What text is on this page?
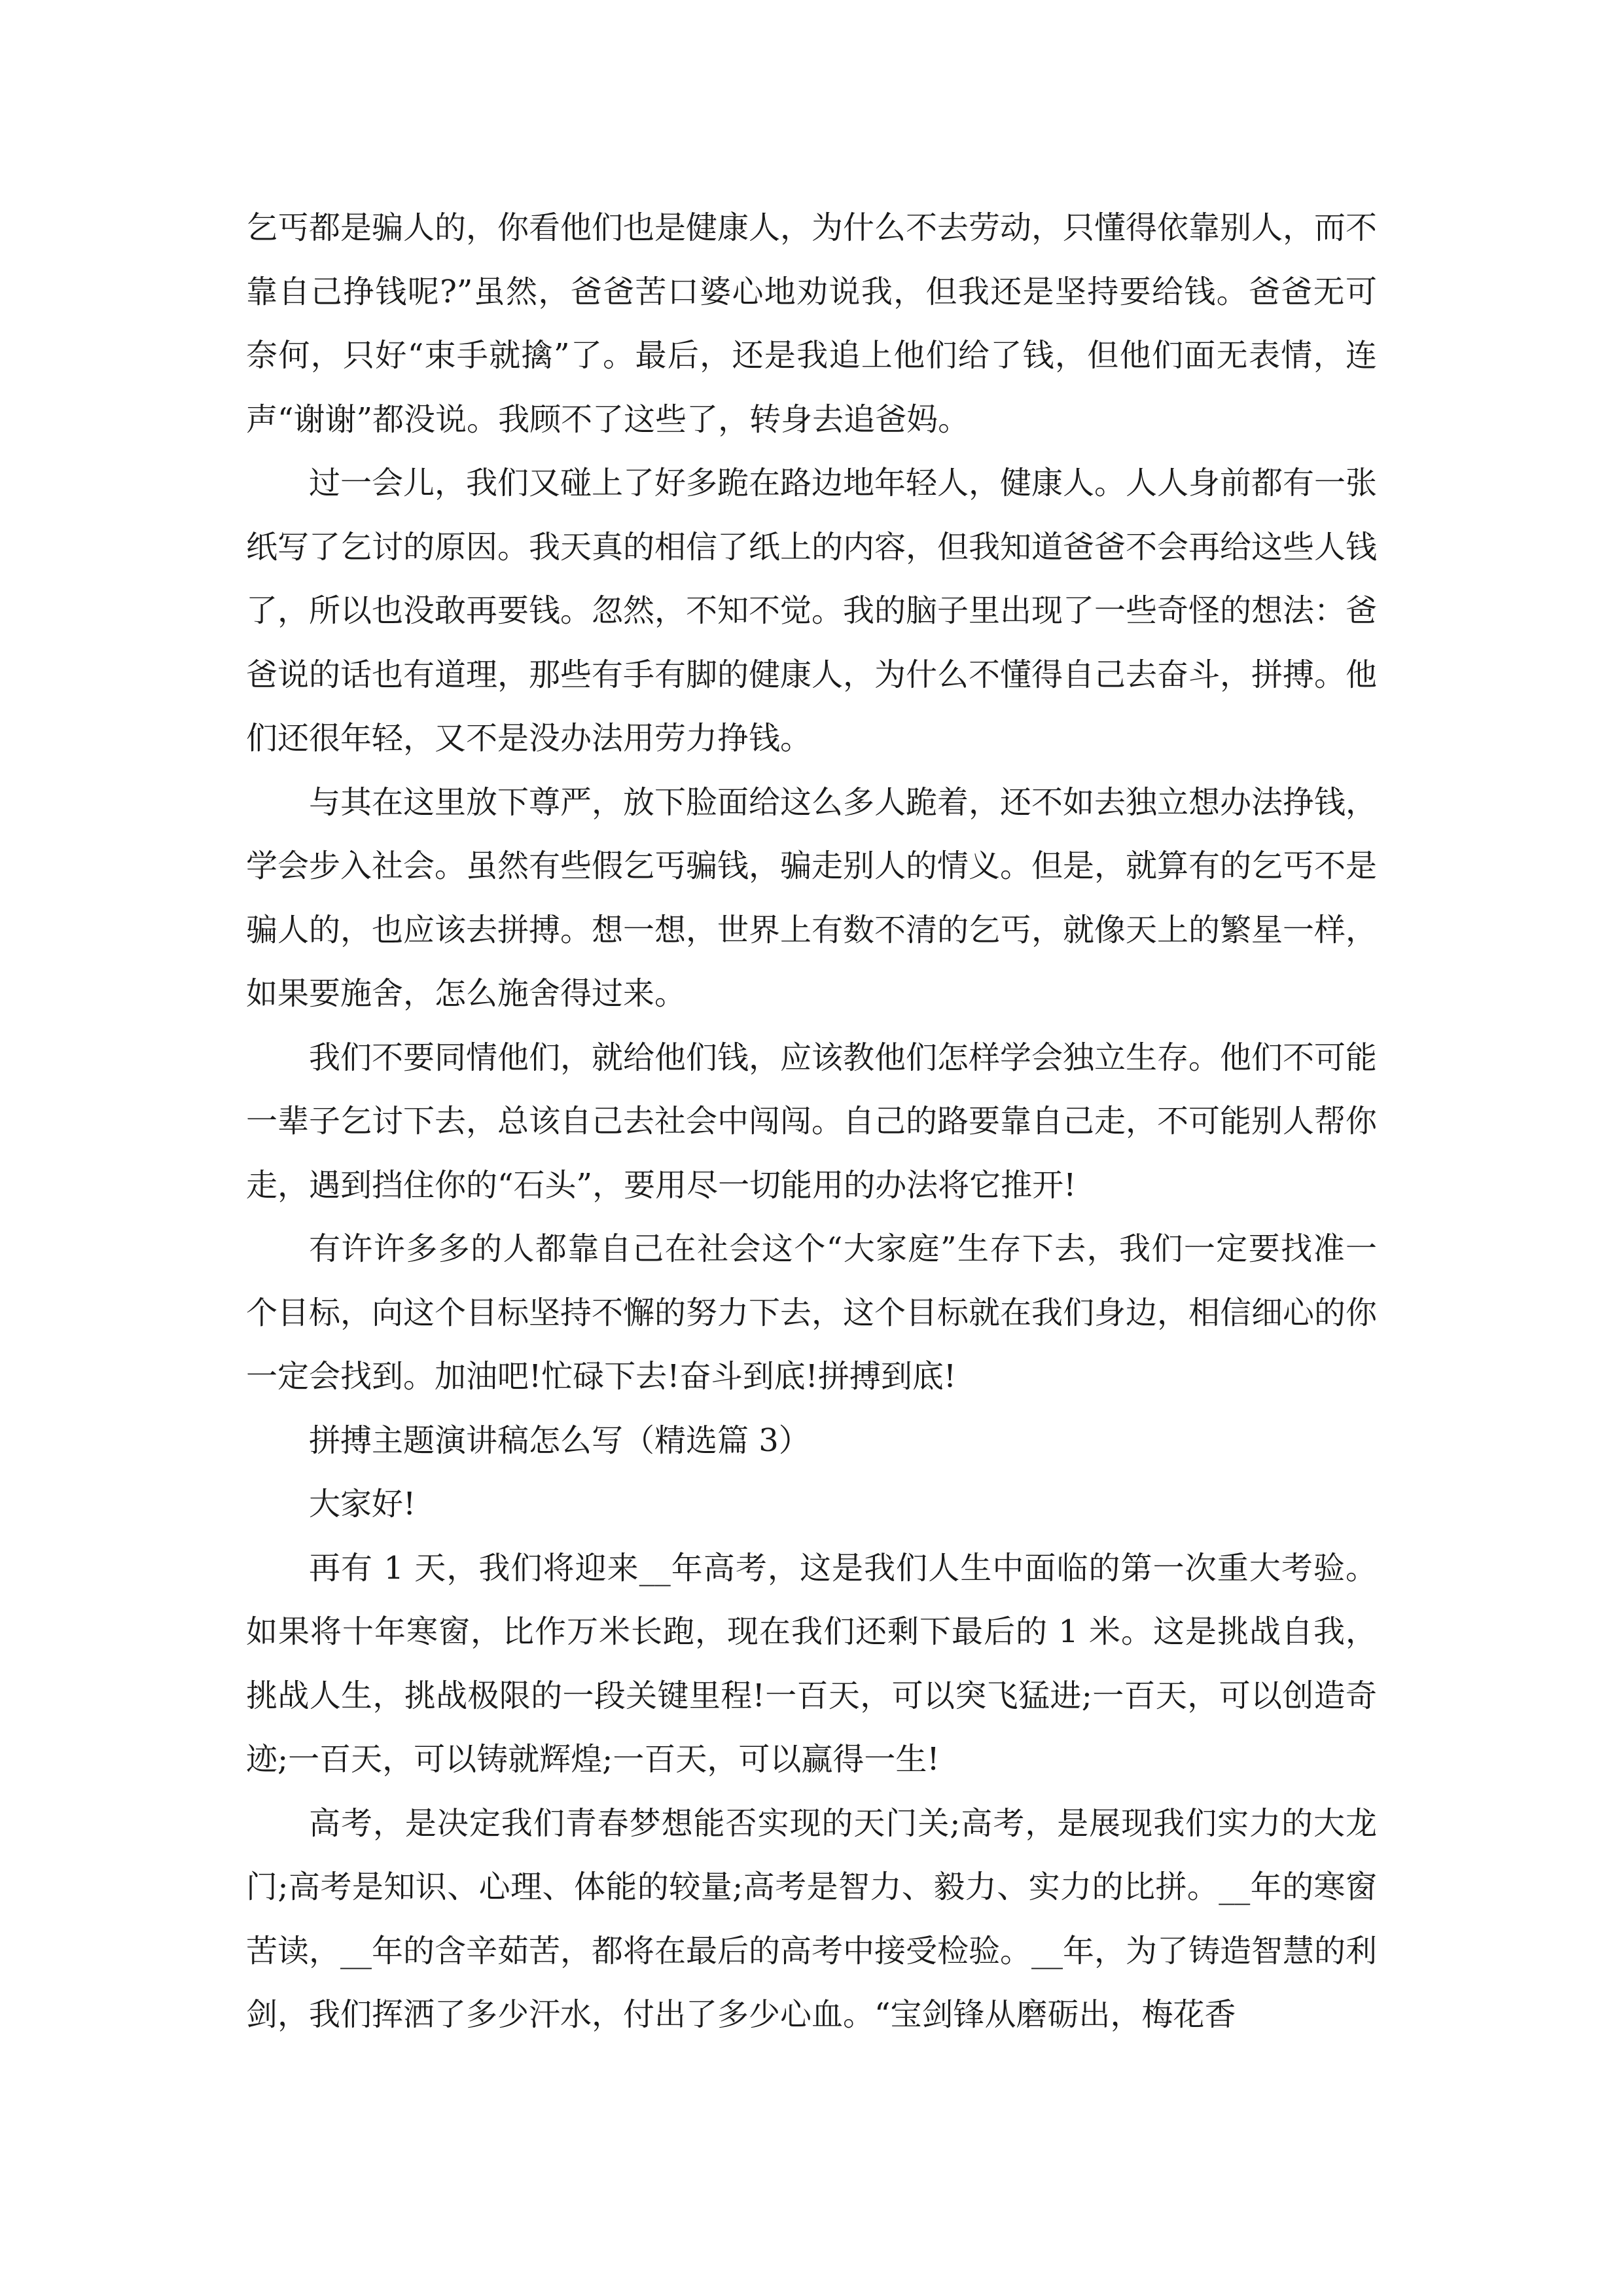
乞丐都是骗人的，你看他们也是健康人，为什么不去劳动，只懂得依靠别人，而不靠自己挣钱呢?”虽然，爸爸苦口婆心地劝说我，但我还是坚持要给钱。爸爸无可奈何，只好“束手就擒”了。最后，还是我追上他们给了钱，但他们面无表情，连声“谢谢”都没说。我顾不了这些了，转身去追爸妈。

过一会儿，我们又碰上了好多跪在路边地年轻人，健康人。人人身前都有一张纸写了乞讨的原因。我天真的相信了纸上的内容，但我知道爸爸不会再给这些人钱了，所以也没敢再要钱。忽然，不知不觉。我的脑子里出现了一些奇怪的想法：爸爸说的话也有道理，那些有手有脚的健康人，为什么不懂得自己去奋斗，拼搏。他们还很年轻，又不是没办法用劳力挣钱。

与其在这里放下尊严，放下脸面给这么多人跪着，还不如去独立想办法挣钱，学会步入社会。虽然有些假乞丐骗钱，骗走别人的情义。但是，就算有的乞丐不是骗人的，也应该去拼搏。想一想，世界上有数不清的乞丐，就像天上的繁星一样，如果要施舍，怎么施舍得过来。

我们不要同情他们，就给他们钱，应该教他们怎样学会独立生存。他们不可能一辈子乞讨下去，总该自己去社会中闯闯。自己的路要靠自己走，不可能别人帮你走，遇到挡住你的“石头”，要用尽一切能用的办法将它推开!

有许许多多的人都靠自己在社会这个“大家庭”生存下去，我们一定要找准一个目标，向这个目标坚持不懈的努力下去，这个目标就在我们身边，相信细心的你一定会找到。加油吧!忙碌下去!奋斗到底!拼搏到底!

拼搏主题演讲稿怎么写（精选篇 3）

大家好!

再有 1 天，我们将迎来__年高考，这是我们人生中面临的第一次重大考验。如果将十年寒窗，比作万米长跑，现在我们还剩下最后的 1 米。这是挑战自我，挑战人生，挑战极限的一段关键里程!一百天，可以突飞猛进;一百天，可以创造奇迹;一百天，可以铸就辉煌;一百天，可以赢得一生!

高考，是决定我们青春梦想能否实现的天门关;高考，是展现我们实力的大龙门;高考是知识、心理、体能的较量;高考是智力、毅力、实力的比拼。__年的寒窗苦读，__年的含辛茹苦，都将在最后的高考中接受检验。__年，为了铸造智慧的利剑，我们挥洒了多少汗水，付出了多少心血。“宝剑锋从磨砺出，梅花香
